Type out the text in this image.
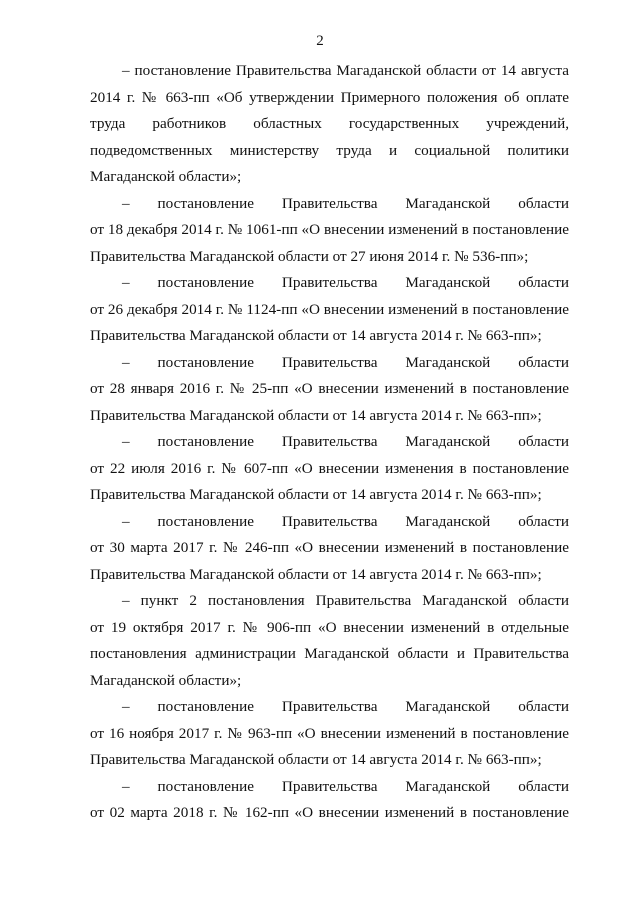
2

– постановление Правительства Магаданской области от 14 августа
2014 г. № 663-пп «Об утверждении Примерного положения об оплате
труда работников областных государственных учреждений,
подведомственных министерству труда и социальной политики
Магаданской области»;

– постановление Правительства Магаданской области
от 18 декабря 2014 г. № 1061-пп «О внесении изменений в постановление
Правительства Магаданской области от 27 июня 2014 г. № 536-пп»;

– постановление Правительства Магаданской области
от 26 декабря 2014 г. № 1124-пп «О внесении изменений в постановление
Правительства Магаданской области от 14 августа 2014 г. № 663-пп»;

– постановление Правительства Магаданской области
от 28 января 2016 г. № 25-пп «О внесении изменений в постановление
Правительства Магаданской области от 14 августа 2014 г. № 663-пп»;

– постановление Правительства Магаданской области
от 22 июля 2016 г. № 607-пп «О внесении изменения в постановление
Правительства Магаданской области от 14 августа 2014 г. № 663-пп»;

– постановление Правительства Магаданской области
от 30 марта 2017 г. № 246-пп «О внесении изменений в постановление
Правительства Магаданской области от 14 августа 2014 г. № 663-пп»;

– пункт 2 постановления Правительства Магаданской области
от 19 октября 2017 г. № 906-пп «О внесении изменений в отдельные
постановления администрации Магаданской области и Правительства
Магаданской области»;

– постановление Правительства Магаданской области
от 16 ноября 2017 г. № 963-пп «О внесении изменений в постановление
Правительства Магаданской области от 14 августа 2014 г. № 663-пп»;

– постановление Правительства Магаданской области
от 02 марта 2018 г. № 162-пп «О внесении изменений в постановление
